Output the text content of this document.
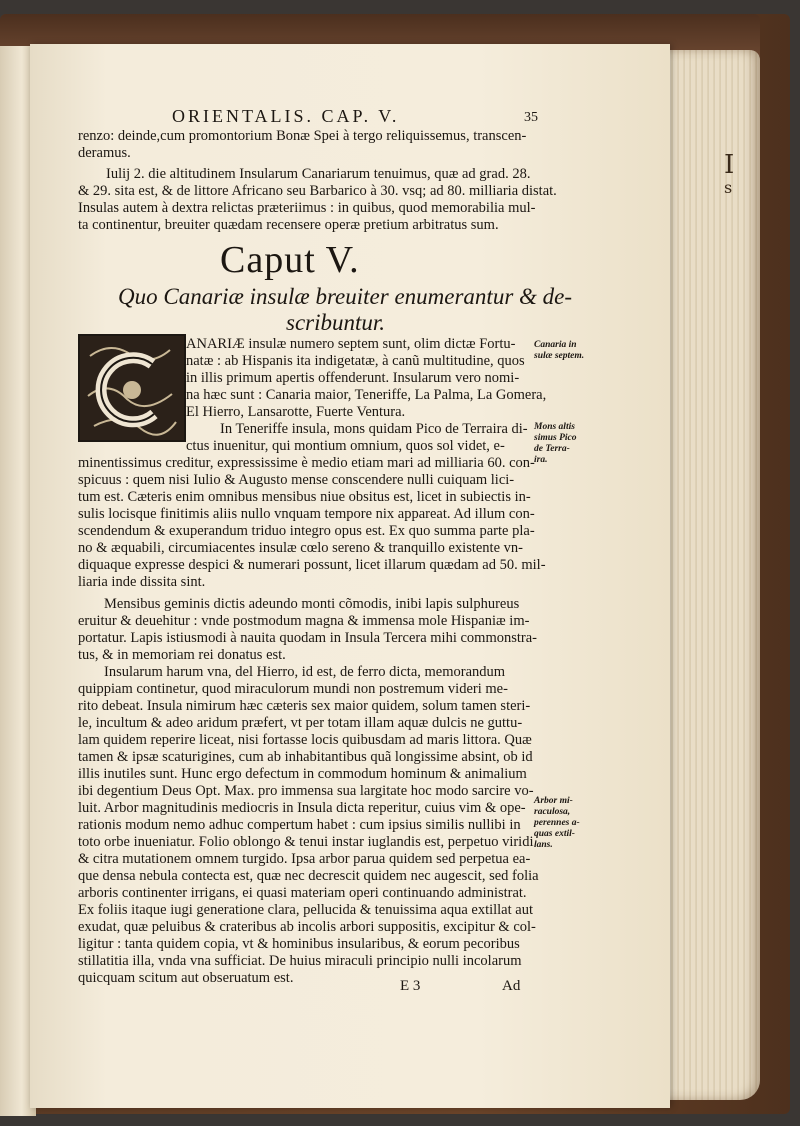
I
s
ORIENTALIS. CAP. V.	35
renzo: deinde,cum promontorium Bonæ Spei à tergo reliquissemus, transcen-
deramus.
Iulij 2. die altitudinem Insularum Canariarum tenuimus, quæ ad grad. 28.
& 29. sita est, & de littore Africano seu Barbarico à 30. vsq; ad 80. milliaria distat.
Insulas autem à dextra relictas præteriimus : in quibus, quod memorabilia mul-
ta continentur, breuiter quædam recensere operæ pretium arbitratus sum.
Caput V.
Quo Canariæ insulæ breuiter enumerantur & de-
scribuntur.
ANARIÆ insulæ numero septem sunt, olim dictæ Fortu-
natæ : ab Hispanis ita indigetatæ, à canũ multitudine, quos
in illis primum apertis offenderunt. Insularum vero nomi-
na hæc sunt : Canaria maior, Teneriffe, La Palma, La Gomera,
El Hierro, Lansarotte, Fuerte Ventura.
In Teneriffe insula, mons quidam Pico de Terraira di-
ctus inuenitur, qui montium omnium, quos sol videt, e-
minentissimus creditur, expressissime è medio etiam mari ad milliaria 60. con-
spicuus : quem nisi Iulio & Augusto mense conscendere nulli cuiquam lici-
tum est. Cæteris enim omnibus mensibus niue obsitus est, licet in subiectis in-
sulis locisque finitimis aliis nullo vnquam tempore nix appareat. Ad illum con-
scendendum & exuperandum triduo integro opus est. Ex quo summa parte pla-
no & æquabili, circumiacentes insulæ cœlo sereno & tranquillo existente vn-
diquaque expresse despici & numerari possunt, licet illarum quædam ad 50. mil-
liaria inde dissita sint.
Mensibus geminis dictis adeundo monti cõmodis, inibi lapis sulphureus
eruitur & deuehitur : vnde postmodum magna & immensa mole Hispaniæ im-
portatur. Lapis istiusmodi à nauita quodam in Insula Tercera mihi commonstra-
tus, & in memoriam rei donatus est.
Insularum harum vna, del Hierro, id est, de ferro dicta, memorandum
quippiam continetur, quod miraculorum mundi non postremum videri me-
rito debeat. Insula nimirum hæc cæteris sex maior quidem, solum tamen steri-
le, incultum & adeo aridum præfert, vt per totam illam aquæ dulcis ne guttu-
lam quidem reperire liceat, nisi fortasse locis quibusdam ad maris littora. Quæ
tamen & ipsæ scaturigines, cum ab inhabitantibus quã longissime absint, ob id
illis inutiles sunt. Hunc ergo defectum in commodum hominum & animalium
ibi degentium Deus Opt. Max. pro immensa sua largitate hoc modo sarcire vo-
luit. Arbor magnitudinis mediocris in Insula dicta reperitur, cuius vim & ope-
rationis modum nemo adhuc compertum habet : cum ipsius similis nullibi in
toto orbe inueniatur. Folio oblongo & tenui instar iuglandis est, perpetuo viridi
& citra mutationem omnem turgido. Ipsa arbor parua quidem sed perpetua ea-
que densa nebula contecta est, quæ nec decrescit quidem nec augescit, sed folia
arboris continenter irrigans, ei quasi materiam operi continuando administrat.
Ex foliis itaque iugi generatione clara, pellucida & tenuissima aqua extillat aut
exudat, quæ peluibus & crateribus ab incolis arbori suppositis, excipitur & col-
ligitur : tanta quidem copia, vt & hominibus insularibus, & eorum pecoribus
stillatitia illa, vnda vna sufficiat. De huius miraculi principio nulli incolarum
quicquam scitum aut obseruatum est.
Canaria in
sulæ septem.
Mons altis
simus Pico
de Terra-
ira.
Arbor mi-
raculosa,
perennes a-
quas extil-
lans.
E 3	Ad
